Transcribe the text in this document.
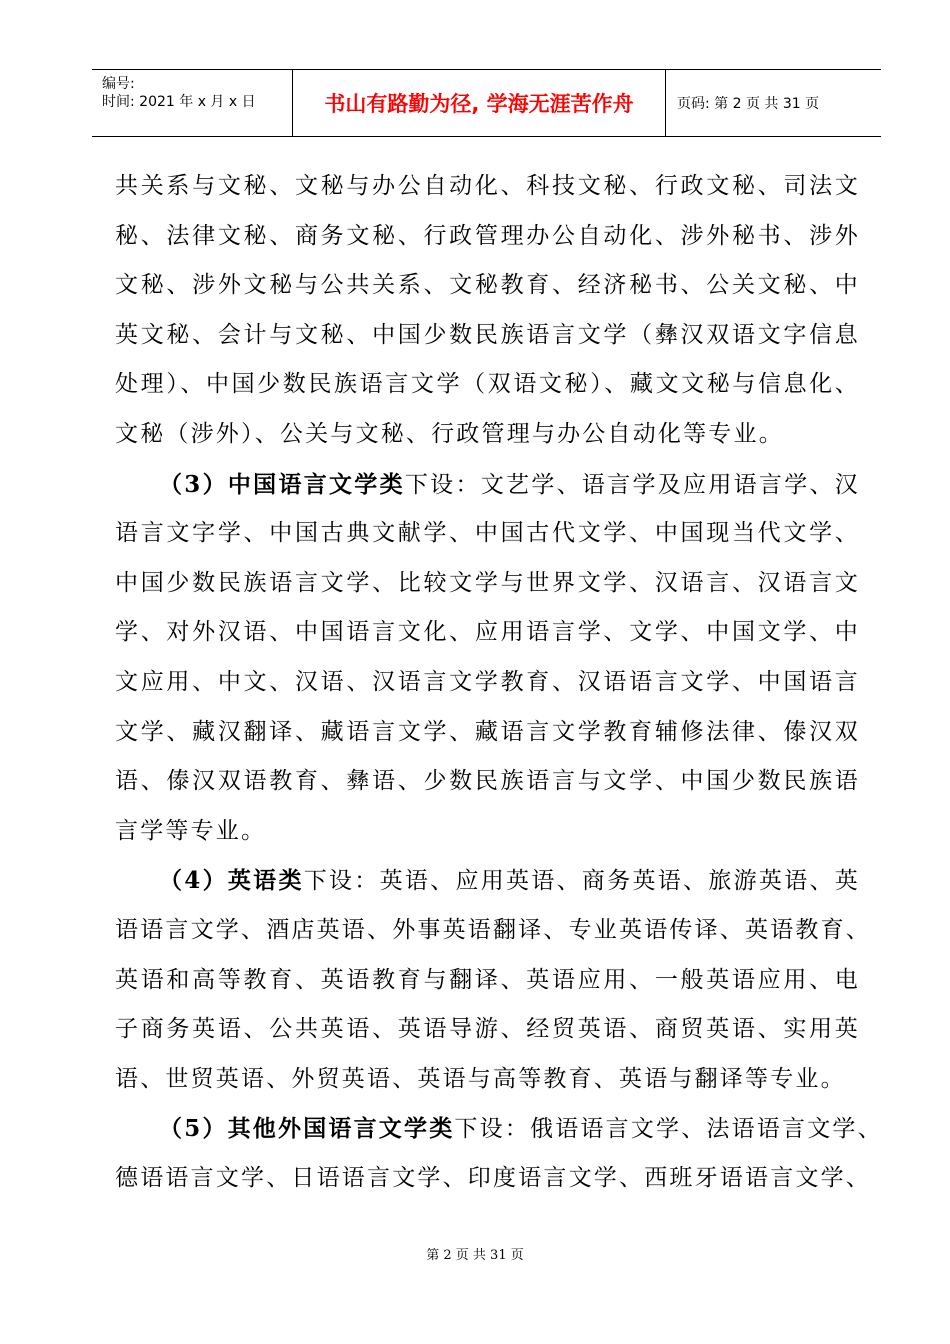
编号:
时间: 2021 年 x 月 x 日	书山有路勤为径, 学海无涯苦作舟	页码: 第 2 页 共 31 页
共关系与文秘、文秘与办公自动化、科技文秘、行政文秘、司法文
秘、法律文秘、商务文秘、行政管理办公自动化、涉外秘书、涉外
文秘、涉外文秘与公共关系、文秘教育、经济秘书、公关文秘、中
英文秘、会计与文秘、中国少数民族语言文学（彝汉双语文字信息
处理）、中国少数民族语言文学（双语文秘）、藏文文秘与信息化、
文秘（涉外）、公关与文秘、行政管理与办公自动化等专业。
（3）中国语言文学类下设：文艺学、语言学及应用语言学、汉
语言文字学、中国古典文献学、中国古代文学、中国现当代文学、
中国少数民族语言文学、比较文学与世界文学、汉语言、汉语言文
学、对外汉语、中国语言文化、应用语言学、文学、中国文学、中
文应用、中文、汉语、汉语言文学教育、汉语语言文学、中国语言
文学、藏汉翻译、藏语言文学、藏语言文学教育辅修法律、傣汉双
语、傣汉双语教育、彝语、少数民族语言与文学、中国少数民族语
言学等专业。
（4）英语类下设：英语、应用英语、商务英语、旅游英语、英
语语言文学、酒店英语、外事英语翻译、专业英语传译、英语教育、
英语和高等教育、英语教育与翻译、英语应用、一般英语应用、电
子商务英语、公共英语、英语导游、经贸英语、商贸英语、实用英
语、世贸英语、外贸英语、英语与高等教育、英语与翻译等专业。
（5）其他外国语言文学类下设：俄语语言文学、法语语言文学、
德语语言文学、日语语言文学、印度语言文学、西班牙语语言文学、
第 2 页 共 31 页
